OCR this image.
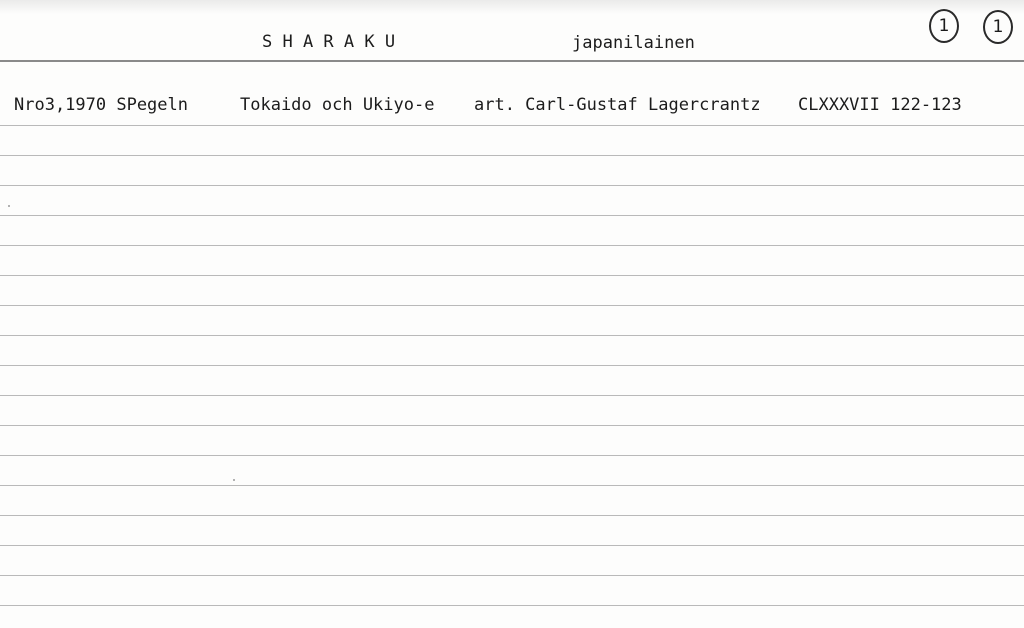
S H A R A K U	japanilainen
1	1
Nro3,1970 SPegeln	Tokaido och Ukiyo-e art. Carl-Gustaf Lagercrantz CLXXXVII 122-123
